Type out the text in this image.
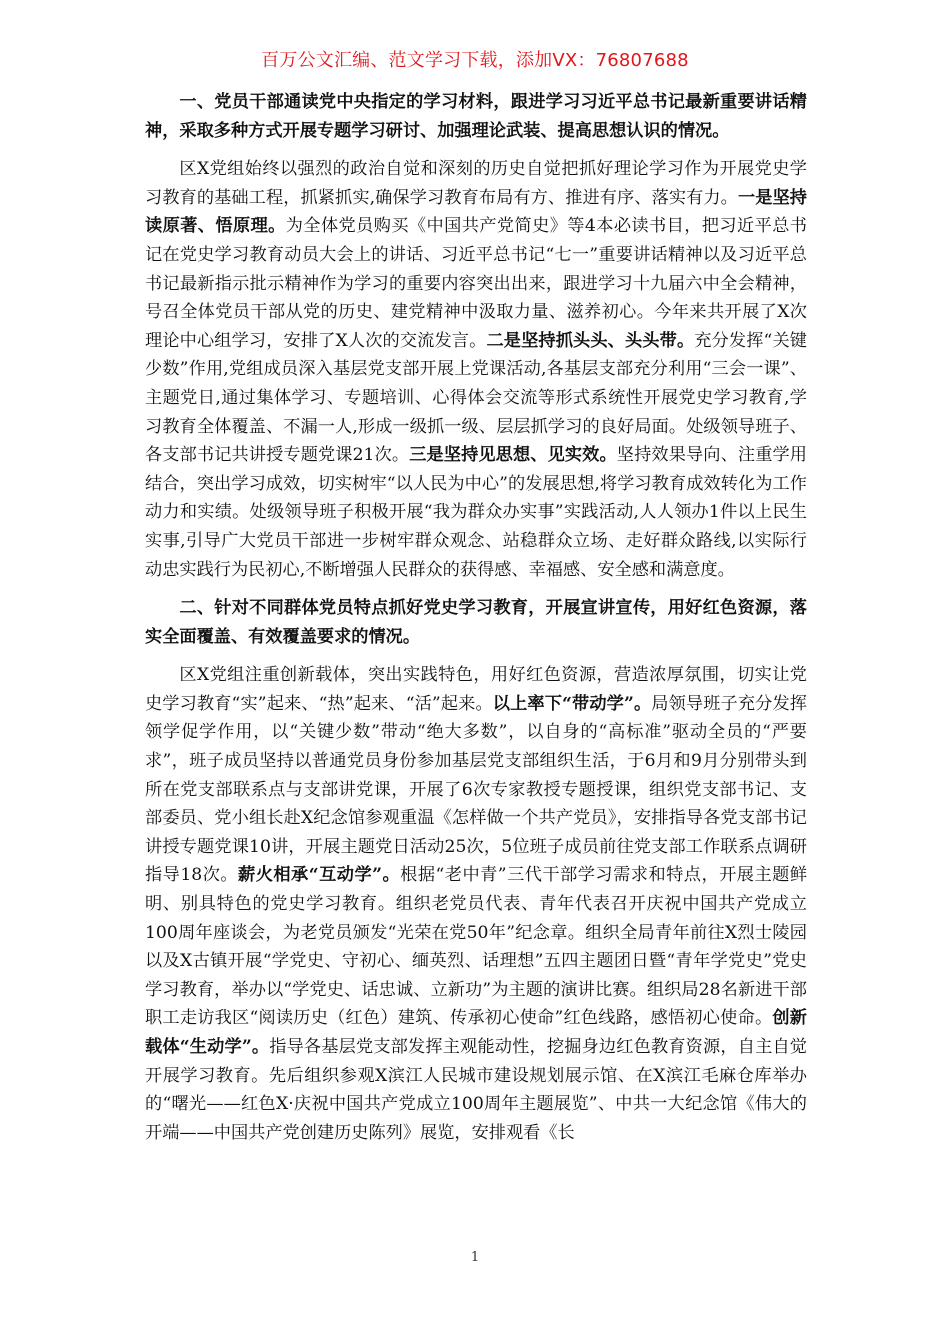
百万公文汇编、范文学习下载，添加VX：76807688

一、党员干部通读党中央指定的学习材料，跟进学习习近平总书记最新重要讲话精神，采取多种方式开展专题学习研讨、加强理论武装、提高思想认识的情况。

区X党组始终以强烈的政治自觉和深刻的历史自觉把抓好理论学习作为开展党史学习教育的基础工程，抓紧抓实,确保学习教育布局有方、推进有序、落实有力。一是坚持读原著、悟原理。为全体党员购买《中国共产党简史》等4本必读书目，把习近平总书记在党史学习教育动员大会上的讲话、习近平总书记“七一”重要讲话精神以及习近平总书记最新指示批示精神作为学习的重要内容突出出来，跟进学习十九届六中全会精神，号召全体党员干部从党的历史、建党精神中汲取力量、滋养初心。今年来共开展了X次理论中心组学习，安排了X人次的交流发言。二是坚持抓头头、头头带。充分发挥“关键少数”作用,党组成员深入基层党支部开展上党课活动,各基层支部充分利用“三会一课”、主题党日,通过集体学习、专题培训、心得体会交流等形式系统性开展党史学习教育,学习教育全体覆盖、不漏一人,形成一级抓一级、层层抓学习的良好局面。处级领导班子、各支部书记共讲授专题党课21次。三是坚持见思想、见实效。坚持效果导向、注重学用结合，突出学习成效，切实树牢“以人民为中心”的发展思想,将学习教育成效转化为工作动力和实绩。处级领导班子积极开展“我为群众办实事”实践活动,人人领办1件以上民生实事,引导广大党员干部进一步树牢群众观念、站稳群众立场、走好群众路线,以实际行动忠实践行为民初心,不断增强人民群众的获得感、幸福感、安全感和满意度。

二、针对不同群体党员特点抓好党史学习教育，开展宣讲宣传，用好红色资源，落实全面覆盖、有效覆盖要求的情况。

区X党组注重创新载体，突出实践特色，用好红色资源，营造浓厚氛围，切实让党史学习教育“实”起来、“热”起来、“活”起来。以上率下“带动学”。局领导班子充分发挥领学促学作用，以“关键少数”带动“绝大多数”，以自身的“高标准”驱动全员的“严要求”，班子成员坚持以普通党员身份参加基层党支部组织生活，于6月和9月分别带头到所在党支部联系点与支部讲党课，开展了6次专家教授专题授课，组织党支部书记、支部委员、党小组长赴X纪念馆参观重温《怎样做一个共产党员》，安排指导各党支部书记讲授专题党课10讲，开展主题党日活动25次，5位班子成员前往党支部工作联系点调研指导18次。薪火相承“互动学”。根据“老中青”三代干部学习需求和特点，开展主题鲜明、别具特色的党史学习教育。组织老党员代表、青年代表召开庆祝中国共产党成立100周年座谈会，为老党员颁发“光荣在党50年”纪念章。组织全局青年前往X烈士陵园以及X古镇开展“学党史、守初心、缅英烈、话理想”五四主题团日暨“青年学党史”党史学习教育，举办以“学党史、话忠诚、立新功”为主题的演讲比赛。组织局28名新进干部职工走访我区“阅读历史（红色）建筑、传承初心使命”红色线路，感悟初心使命。创新载体“生动学”。指导各基层党支部发挥主观能动性，挖掘身边红色教育资源，自主自觉开展学习教育。先后组织参观X滨江人民城市建设规划展示馆、在X滨江毛麻仓库举办的“曙光——红色X·庆祝中国共产党成立100周年主题展览”、中共一大纪念馆《伟大的开端——中国共产党创建历史陈列》展览，安排观看《长

1
